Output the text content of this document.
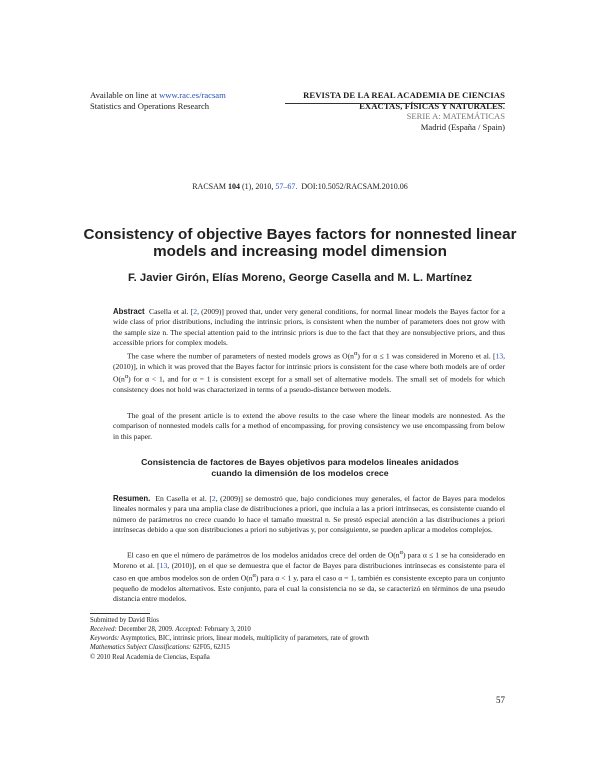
Available on line at www.rac.es/racsam
Statistics and Operations Research
REVISTA DE LA REAL ACADEMIA DE CIENCIAS
EXACTAS, FÍSICAS Y NATURALES.
SERIE A: MATEMÁTICAS
Madrid (España / Spain)
RACSAM 104 (1), 2010, 57–67. DOI:10.5052/RACSAM.2010.06
Consistency of objective Bayes factors for nonnested linear models and increasing model dimension
F. Javier Girón, Elías Moreno, George Casella and M. L. Martínez
Abstract Casella et al. [2, (2009)] proved that, under very general conditions, for normal linear models the Bayes factor for a wide class of prior distributions, including the intrinsic priors, is consistent when the number of parameters does not grow with the sample size n. The special attention paid to the intrinsic priors is due to the fact that they are nonsubjective priors, and thus accessible priors for complex models.
The case where the number of parameters of nested models grows as $O(n^\alpha)$ for α ≤ 1 was considered in Moreno et al. [13, (2010)], in which it was proved that the Bayes factor for intrinsic priors is consistent for the case where both models are of order $O(n^\alpha)$ for α < 1, and for α = 1 is consistent except for a small set of alternative models. The small set of models for which consistency does not hold was characterized in terms of a pseudo-distance between models.
The goal of the present article is to extend the above results to the case where the linear models are nonnested. As the comparison of nonnested models calls for a method of encompassing, for proving consistency we use encompassing from below in this paper.
Consistencia de factores de Bayes objetivos para modelos lineales anidados cuando la dimensión de los modelos crece
Resumen. En Casella et al. [2, (2009)] se demostró que, bajo condiciones muy generales, el factor de Bayes para modelos lineales normales y para una amplia clase de distribuciones a priori, que incluía a las a priori intrínsecas, es consistente cuando el número de parámetros no crece cuando lo hace el tamaño muestral n. Se prestó especial atención a las distribuciones a priori intrínsecas debido a que son distribuciones a priori no subjetivas y, por consiguiente, se pueden aplicar a modelos complejos.
El caso en que el número de parámetros de los modelos anidados crece del orden de $O(n^\alpha)$ para α ≤ 1 se ha considerado en Moreno et al. [13, (2010)], en el que se demuestra que el factor de Bayes para distribuciones intrínsecas es consistente para el caso en que ambos modelos son de orden $O(n^\alpha)$ para α < 1 y, para el caso α = 1, también es consistente excepto para un conjunto pequeño de modelos alternativos. Este conjunto, para el cual la consistencia no se da, se caracterizó en términos de una pseudo distancia entre modelos.
Submitted by David Ríos
Received: December 28, 2009. Accepted: February 3, 2010
Keywords: Asymptotics, BIC, intrinsic priors, linear models, multiplicity of parameters, rate of growth
Mathematics Subject Classifications: 62F05, 62J15
© 2010 Real Academia de Ciencias, España
57
